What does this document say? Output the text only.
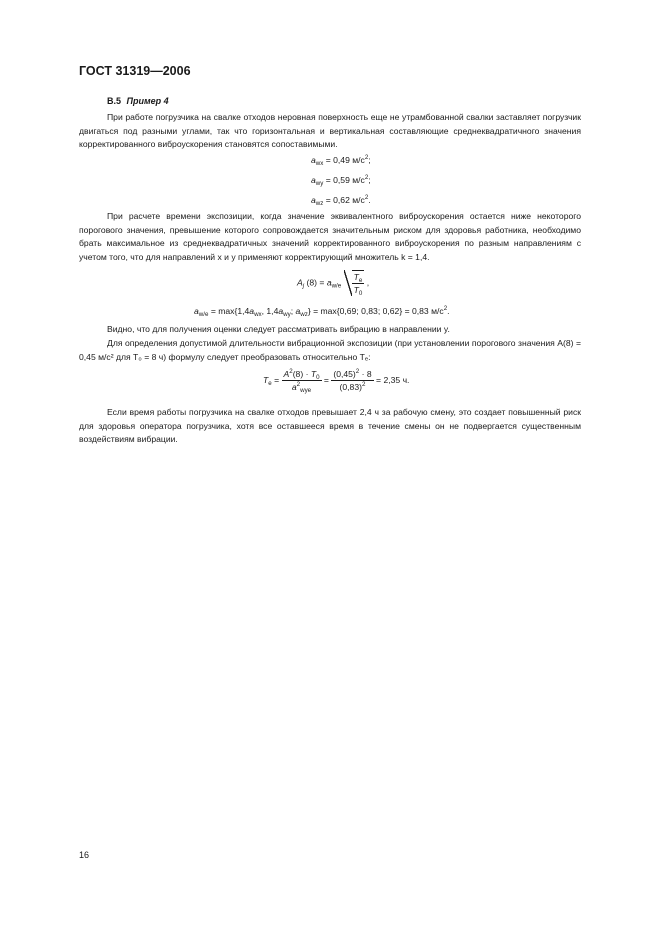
ГОСТ 31319—2006
B.5 Пример 4

При работе погрузчика на свалке отходов неровная поверхность еще не утрамбованной свалки заставляет погрузчик двигаться под разными углами, так что горизонтальная и вертикальная составляющие среднеквадратичного значения корректированного виброускорения становятся сопоставимыми.

$a_{wx} = 0,49$ $м/с^2$;
$a_{wy} = 0,59$ $м/с^2$;
$a_{wz} = 0,62$ $м/с^2$.

При расчете времени экспозиции, когда значение эквивалентного виброускорения остается ниже некоторого порогового значения, превышение которого сопровождается значительным риском для здоровья работника, необходимо брать максимальное из среднеквадратичных значений корректированного виброускорения по разным направлениям с учетом того, что для направлений x и y применяют корректирующий множитель k = 1,4.

$A_j$ $(8) = a_{w/e} \frac{T_e}{T_0}$ ,
$a_{w/e} = \max\{1,4a_{wx}$, $1,4a_{wy}$; $a_{wz}\} = \max\{0,69$; 0,83; 0,62} = 0,83 $м/с^2$.

Видно, что для получения оценки следует рассматривать вибрацию в направлении y.

Для определения допустимой длительности вибрационной экспозиции (при установлении порогового значения A(8) = 0,45 м/с² для T₀ = 8 ч) формулу следует преобразовать относительно Tₑ:

$T_e = \frac{A^2(8) \cdot T_0}{a^2_{wye}} = \frac{(0,45)^2 \cdot 8}{(0,83)^2} = 2,35$ ч.

Если время работы погрузчика на свалке отходов превышает 2,4 ч за рабочую смену, это создает повышенный риск для здоровья оператора погрузчика, хотя все оставшееся время в течение смены он не подвергается существенным воздействиям вибрации.

16
